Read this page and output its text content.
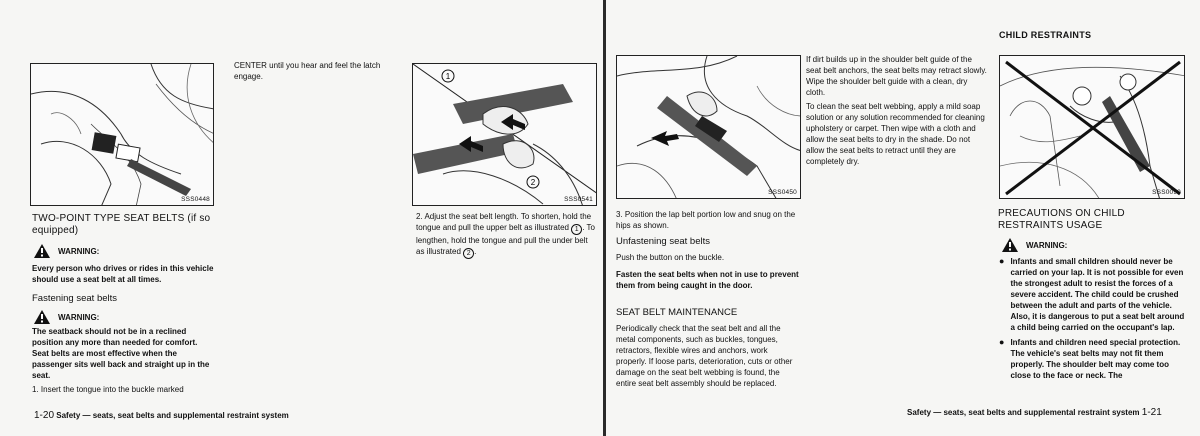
SSS0448
TWO-POINT TYPE SEAT BELTS (if so equipped)
WARNING:
Every person who drives or rides in this vehicle should use a seat belt at all times.
Fastening seat belts
WARNING:
The seatback should not be in a reclined position any more than needed for comfort. Seat belts are most effective when the passenger sits well back and straight up in the seat.
1. Insert the tongue into the buckle marked
CENTER until you hear and feel the latch engage.	1
2
SSS0541
2. Adjust the seat belt length. To shorten, hold the tongue and pull the upper belt as illustrated 1 . To lengthen, hold the tongue and pull the under belt as illustrated 2 .
1-20 Safety — seats, seat belts and supplemental restraint system
CHILD RESTRAINTS
SSS0450
3. Position the lap belt portion low and snug on the hips as shown.
Unfastening seat belts
Push the button on the buckle.
Fasten the seat belts when not in use to prevent them from being caught in the door.
SEAT BELT MAINTENANCE
Periodically check that the seat belt and all the metal components, such as buckles, tongues, retractors, flexible wires and anchors, work properly. If loose parts, deterioration, cuts or other damage on the seat belt webbing is found, the entire seat belt assembly should be replaced.
If dirt builds up in the shoulder belt guide of the seat belt anchors, the seat belts may retract slowly. Wipe the shoulder belt guide with a clean, dry cloth.
To clean the seat belt webbing, apply a mild soap solution or any solution recommended for cleaning upholstery or carpet. Then wipe with a cloth and allow the seat belts to dry in the shade. Do not allow the seat belts to retract until they are completely dry.
SSS0099
PRECAUTIONS ON CHILD RESTRAINTS USAGE
WARNING:
● Infants and small children should never be carried on your lap. It is not possible for even the strongest adult to resist the forces of a severe accident. The child could be crushed between the adult and parts of the vehicle. Also, it is dangerous to put a seat belt around a child being carried on the occupant's lap.
● Infants and children need special protection. The vehicle's seat belts may not fit them properly. The shoulder belt may come too close to the face or neck. The
Safety — seats, seat belts and supplemental restraint system 1-21
